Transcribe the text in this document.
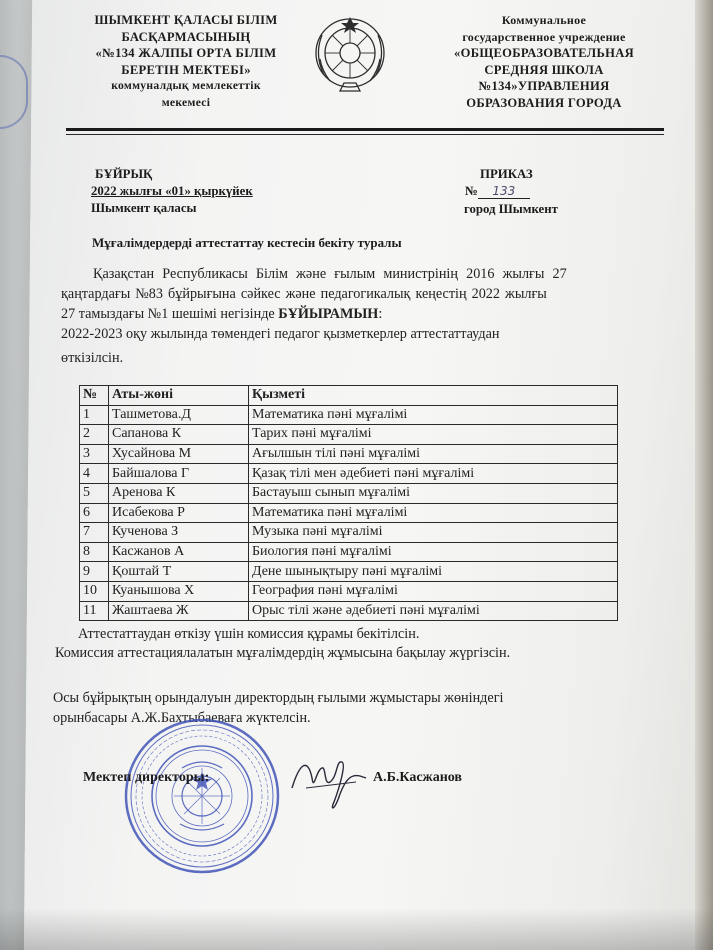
ШЫМКЕНТ ҚАЛАСЫ БІЛІМ
БАСҚАРМАСЫНЫҢ
«№134 ЖАЛПЫ ОРТА БІЛІМ
БЕРЕТІН МЕКТЕБІ»
коммуналдық мемлекеттік
мекемесі
Коммунальное
государственное учреждение
«ОБЩЕОБРАЗОВАТЕЛЬНАЯ
СРЕДНЯЯ ШКОЛА
№134»УПРАВЛЕНИЯ
ОБРАЗОВАНИЯ ГОРОДА
БҰЙРЫҚ
2022 жылғы «01» қыркүйек
Шымкент қаласы
ПРИКАЗ
№ 133
город Шымкент
Мұғалімдердерді аттестаттау кестесін бекіту туралы
Қазақстан Республикасы Білім және ғылым министрінің 2016 жылғы 27
қаңтардағы №83 бұйрығына сәйкес және педагогикалық кеңестің 2022 жылғы
27 тамыздағы №1 шешімі негізінде БҰЙЫРАМЫН:
2022-2023 оқу жылында төмендегі педагог қызметкерлер аттестаттаудан
өткізілсін.
№	Аты-жөні	Қызметі
1	Ташметова.Д	Математика пәні мұғалімі
2	Сапанова К	Тарих пәні мұғалімі
3	Хусайнова М	Ағылшын тілі пәні мұғалімі
4	Байшалова Г	Қазақ тілі мен әдебиеті пәні мұғалімі
5	Аренова К	Бастауыш сынып мұғалімі
6	Исабекова Р	Математика пәні мұғалімі
7	Кученова З	Музыка пәні мұғалімі
8	Касжанов А	Биология пәні мұғалімі
9	Қоштай Т	Дене шынықтыру пәні мұғалімі
10	Куанышова Х	География пәні мұғалімі
11	Жаштаева Ж	Орыс тілі және әдебиеті пәні мұғалімі
Аттестаттаудан өткізу үшін комиссия құрамы бекітілсін.
Комиссия аттестациялалатын мұғалімдердің жұмысына бақылау жүргізсін.
Осы бұйрықтың орындалуын директордың ғылыми жұмыстары жөніндегі
орынбасары А.Ж.Бахтыбаеваға жүктелсін.
Мектеп директоры:	А.Б.Касжанов
